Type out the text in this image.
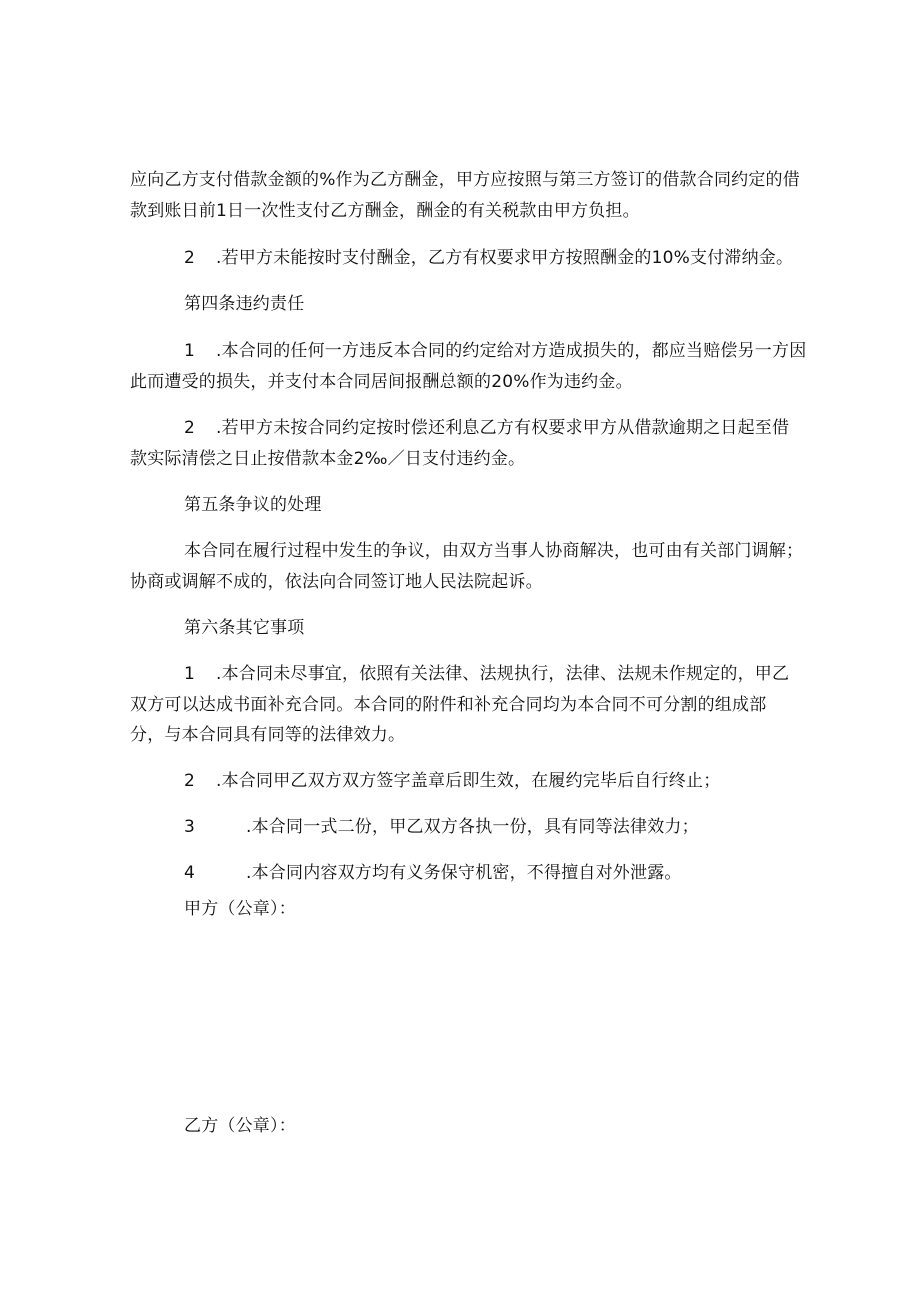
应向乙方支付借款金额的%作为乙方酬金，甲方应按照与第三方签订的借款合同约定的借
款到账日前1日一次性支付乙方酬金，酬金的有关税款由甲方负担。
2 .若甲方未能按时支付酬金，乙方有权要求甲方按照酬金的10%支付滞纳金。
第四条违约责任
1 .本合同的任何一方违反本合同的约定给对方造成损失的，都应当赔偿另一方因
此而遭受的损失，并支付本合同居间报酬总额的20%作为违约金。
2 .若甲方未按合同约定按时偿还利息乙方有权要求甲方从借款逾期之日起至借
款实际清偿之日止按借款本金2‰／日支付违约金。
第五条争议的处理
本合同在履行过程中发生的争议，由双方当事人协商解决，也可由有关部门调解；
协商或调解不成的，依法向合同签订地人民法院起诉。
第六条其它事项
1 .本合同未尽事宜，依照有关法律、法规执行，法律、法规未作规定的，甲乙
双方可以达成书面补充合同。本合同的附件和补充合同均为本合同不可分割的组成部
分，与本合同具有同等的法律效力。
2 .本合同甲乙双方双方签字盖章后即生效，在履约完毕后自行终止；
3	.本合同一式二份，甲乙双方各执一份，具有同等法律效力；
4	.本合同内容双方均有义务保守机密，不得擅自对外泄露。
甲方（公章）：
乙方（公章）：
